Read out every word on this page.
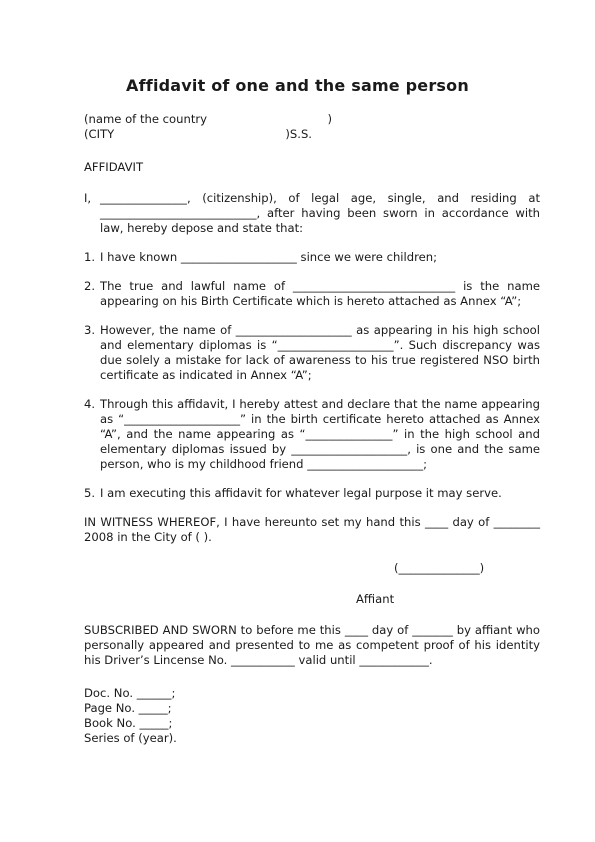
Affidavit of one and the same person
(name of the country	)
(CITY	)S.S.
AFFIDAVIT
I, _______________, (citizenship), of legal age, single, and residing at ___________________________, after having been sworn in accordance with law, hereby depose and state that:
1. I have known ____________________ since we were children;
2. The true and lawful name of ____________________________ is the name appearing on his Birth Certificate which is hereto attached as Annex “A”;
3. However, the name of ____________________ as appearing in his high school and elementary diplomas is “____________________”. Such discrepancy was due solely a mistake for lack of awareness to his true registered NSO birth certificate as indicated in Annex “A”;
4. Through this affidavit, I hereby attest and declare that the name appearing as “____________________” in the birth certificate hereto attached as Annex “A”, and the name appearing as “_______________” in the high school and elementary diplomas issued by ____________________, is one and the same person, who is my childhood friend ____________________;
5. I am executing this affidavit for whatever legal purpose it may serve.
IN WITNESS WHEREOF, I have hereunto set my hand this ____ day of ________ 2008 in the City of ( ).
(______________)
Affiant
SUBSCRIBED AND SWORN to before me this ____ day of _______ by affiant who personally appeared and presented to me as competent proof of his identity his Driver’s Lincense No. ___________ valid until ____________.
Doc. No. ______;
Page No. _____;
Book No. _____;
Series of (year).
